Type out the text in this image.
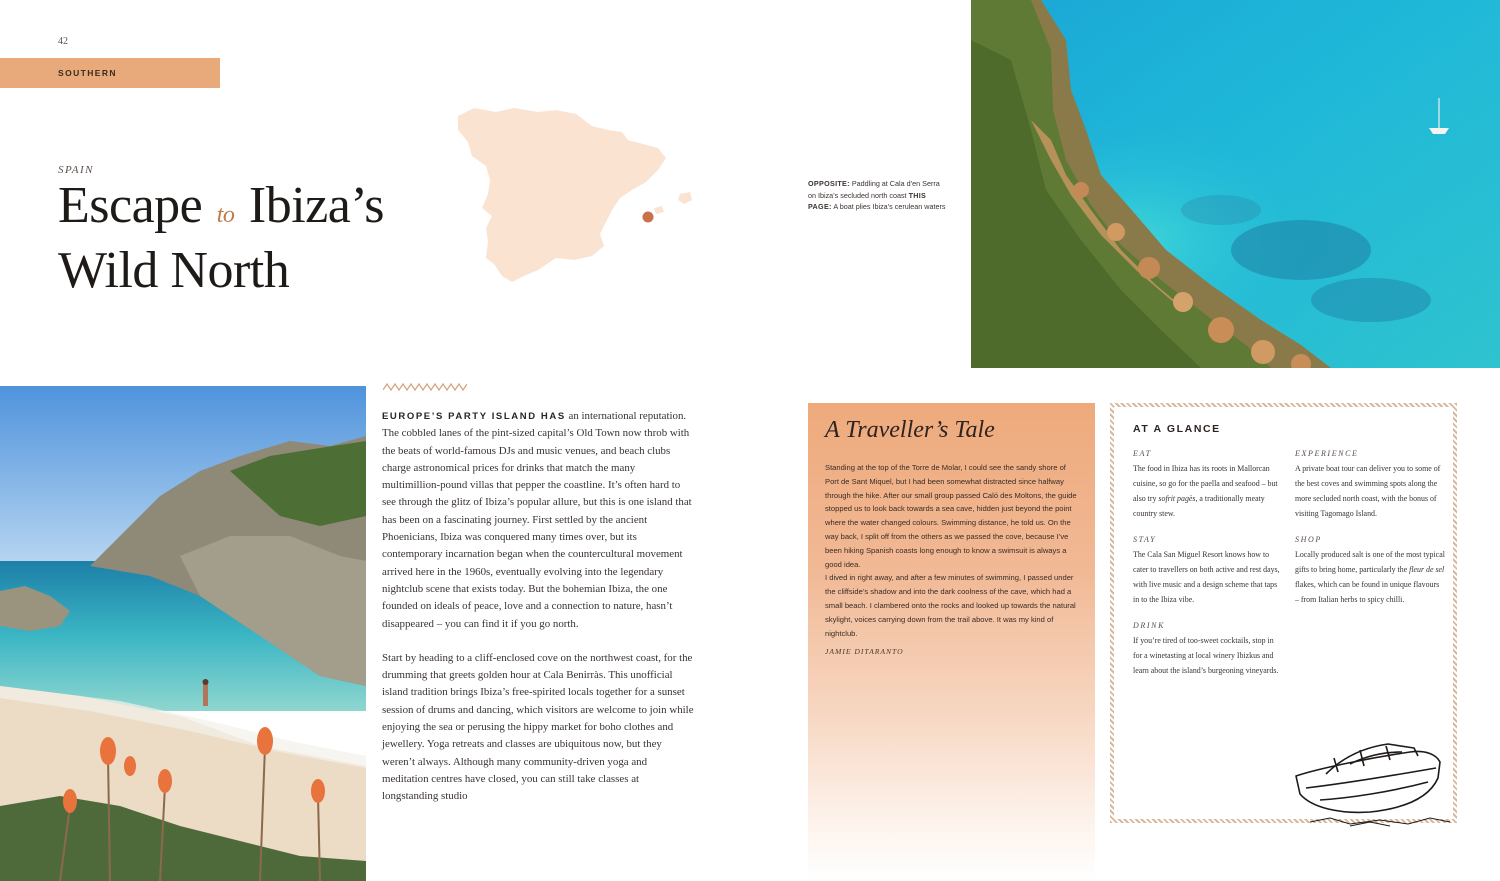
42
SOUTHERN
SPAIN
Escape to Ibiza’s
Wild North
OPPOSITE: Paddling at Cala d’en Serra on Ibiza’s secluded north coast THIS PAGE: A boat plies Ibiza’s cerulean waters

EUROPE’S PARTY ISLAND HAS an international reputation. The cobbled lanes of the pint-sized capital’s Old Town now throb with the beats of world-famous DJs and music venues, and beach clubs charge astronomical prices for drinks that match the many multimillion-pound villas that pepper the coastline. It’s often hard to see through the glitz of Ibiza’s popular allure, but this is one island that has been on a fascinating journey. First settled by the ancient Phoenicians, Ibiza was conquered many times over, but its contemporary incarnation began when the countercultural movement arrived here in the 1960s, eventually evolving into the legendary nightclub scene that exists today. But the bohemian Ibiza, the one founded on ideals of peace, love and a connection to nature, hasn’t disappeared – you can find it if you go north.

Start by heading to a cliff-enclosed cove on the northwest coast, for the drumming that greets golden hour at Cala Benirràs. This unofficial island tradition brings Ibiza’s free-spirited locals together for a sunset session of drums and dancing, which visitors are welcome to join while enjoying the sea or perusing the hippy market for boho clothes and jewellery. Yoga retreats and classes are ubiquitous now, but they weren’t always. Although many community-driven yoga and meditation centres have closed, you can still take classes at longstanding studio

A Traveller’s Tale

Standing at the top of the Torre de Molar, I could see the sandy shore of Port de Sant Miquel, but I had been somewhat distracted since halfway through the hike. After our small group passed Caló des Moltons, the guide stopped us to look back towards a sea cave, hidden just beyond the point where the water changed colours. Swimming distance, he told us. On the way back, I split off from the others as we passed the cove, because I’ve been hiking Spanish coasts long enough to know a swimsuit is always a good idea.

I dived in right away, and after a few minutes of swimming, I passed under the cliffside’s shadow and into the dark coolness of the cave, which had a small beach. I clambered onto the rocks and looked up towards the natural skylight, voices carrying down from the trail above. It was my kind of nightclub.

JAMIE DITARANTO
AT A GLANCE
EAT
The food in Ibiza has its roots in Mallorcan cuisine, so go for the paella and seafood – but also try sofrit pagès, a traditionally meaty country stew.
STAY
The Cala San Miguel Resort knows how to cater to travellers on both active and rest days, with live music and a design scheme that taps in to the Ibiza vibe.
DRINK
If you’re tired of too-sweet cocktails, stop in for a winetasting at local winery Ibizkus and learn about the island’s burgeoning vineyards.
EXPERIENCE
A private boat tour can deliver you to some of the best coves and swimming spots along the more secluded north coast, with the bonus of visiting Tagomago Island.
SHOP
Locally produced salt is one of the most typical gifts to bring home, particularly the fleur de sel flakes, which can be found in unique flavours – from Italian herbs to spicy chilli.
